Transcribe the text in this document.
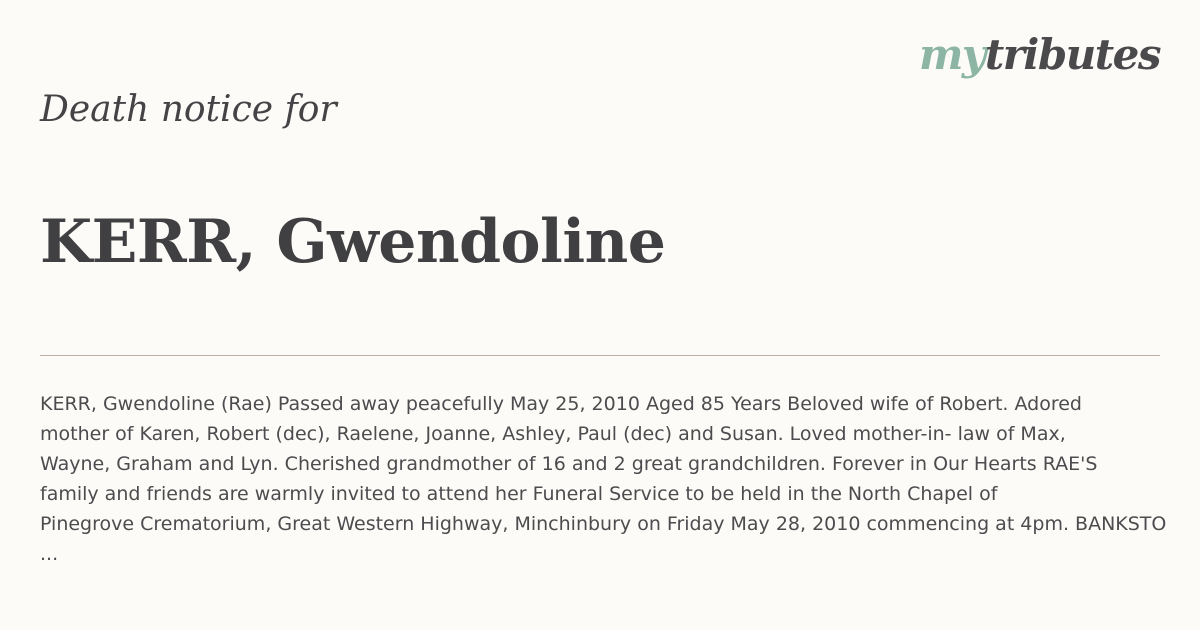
mytributes
Death notice for
KERR, Gwendoline
KERR, Gwendoline (Rae) Passed away peacefully May 25, 2010 Aged 85 Years Beloved wife of Robert. Adored
mother of Karen, Robert (dec), Raelene, Joanne, Ashley, Paul (dec) and Susan. Loved mother-in- law of Max,
Wayne, Graham and Lyn. Cherished grandmother of 16 and 2 great grandchildren. Forever in Our Hearts RAE'S
family and friends are warmly invited to attend her Funeral Service to be held in the North Chapel of
Pinegrove Crematorium, Great Western Highway, Minchinbury on Friday May 28, 2010 commencing at 4pm. BANKSTO
...
